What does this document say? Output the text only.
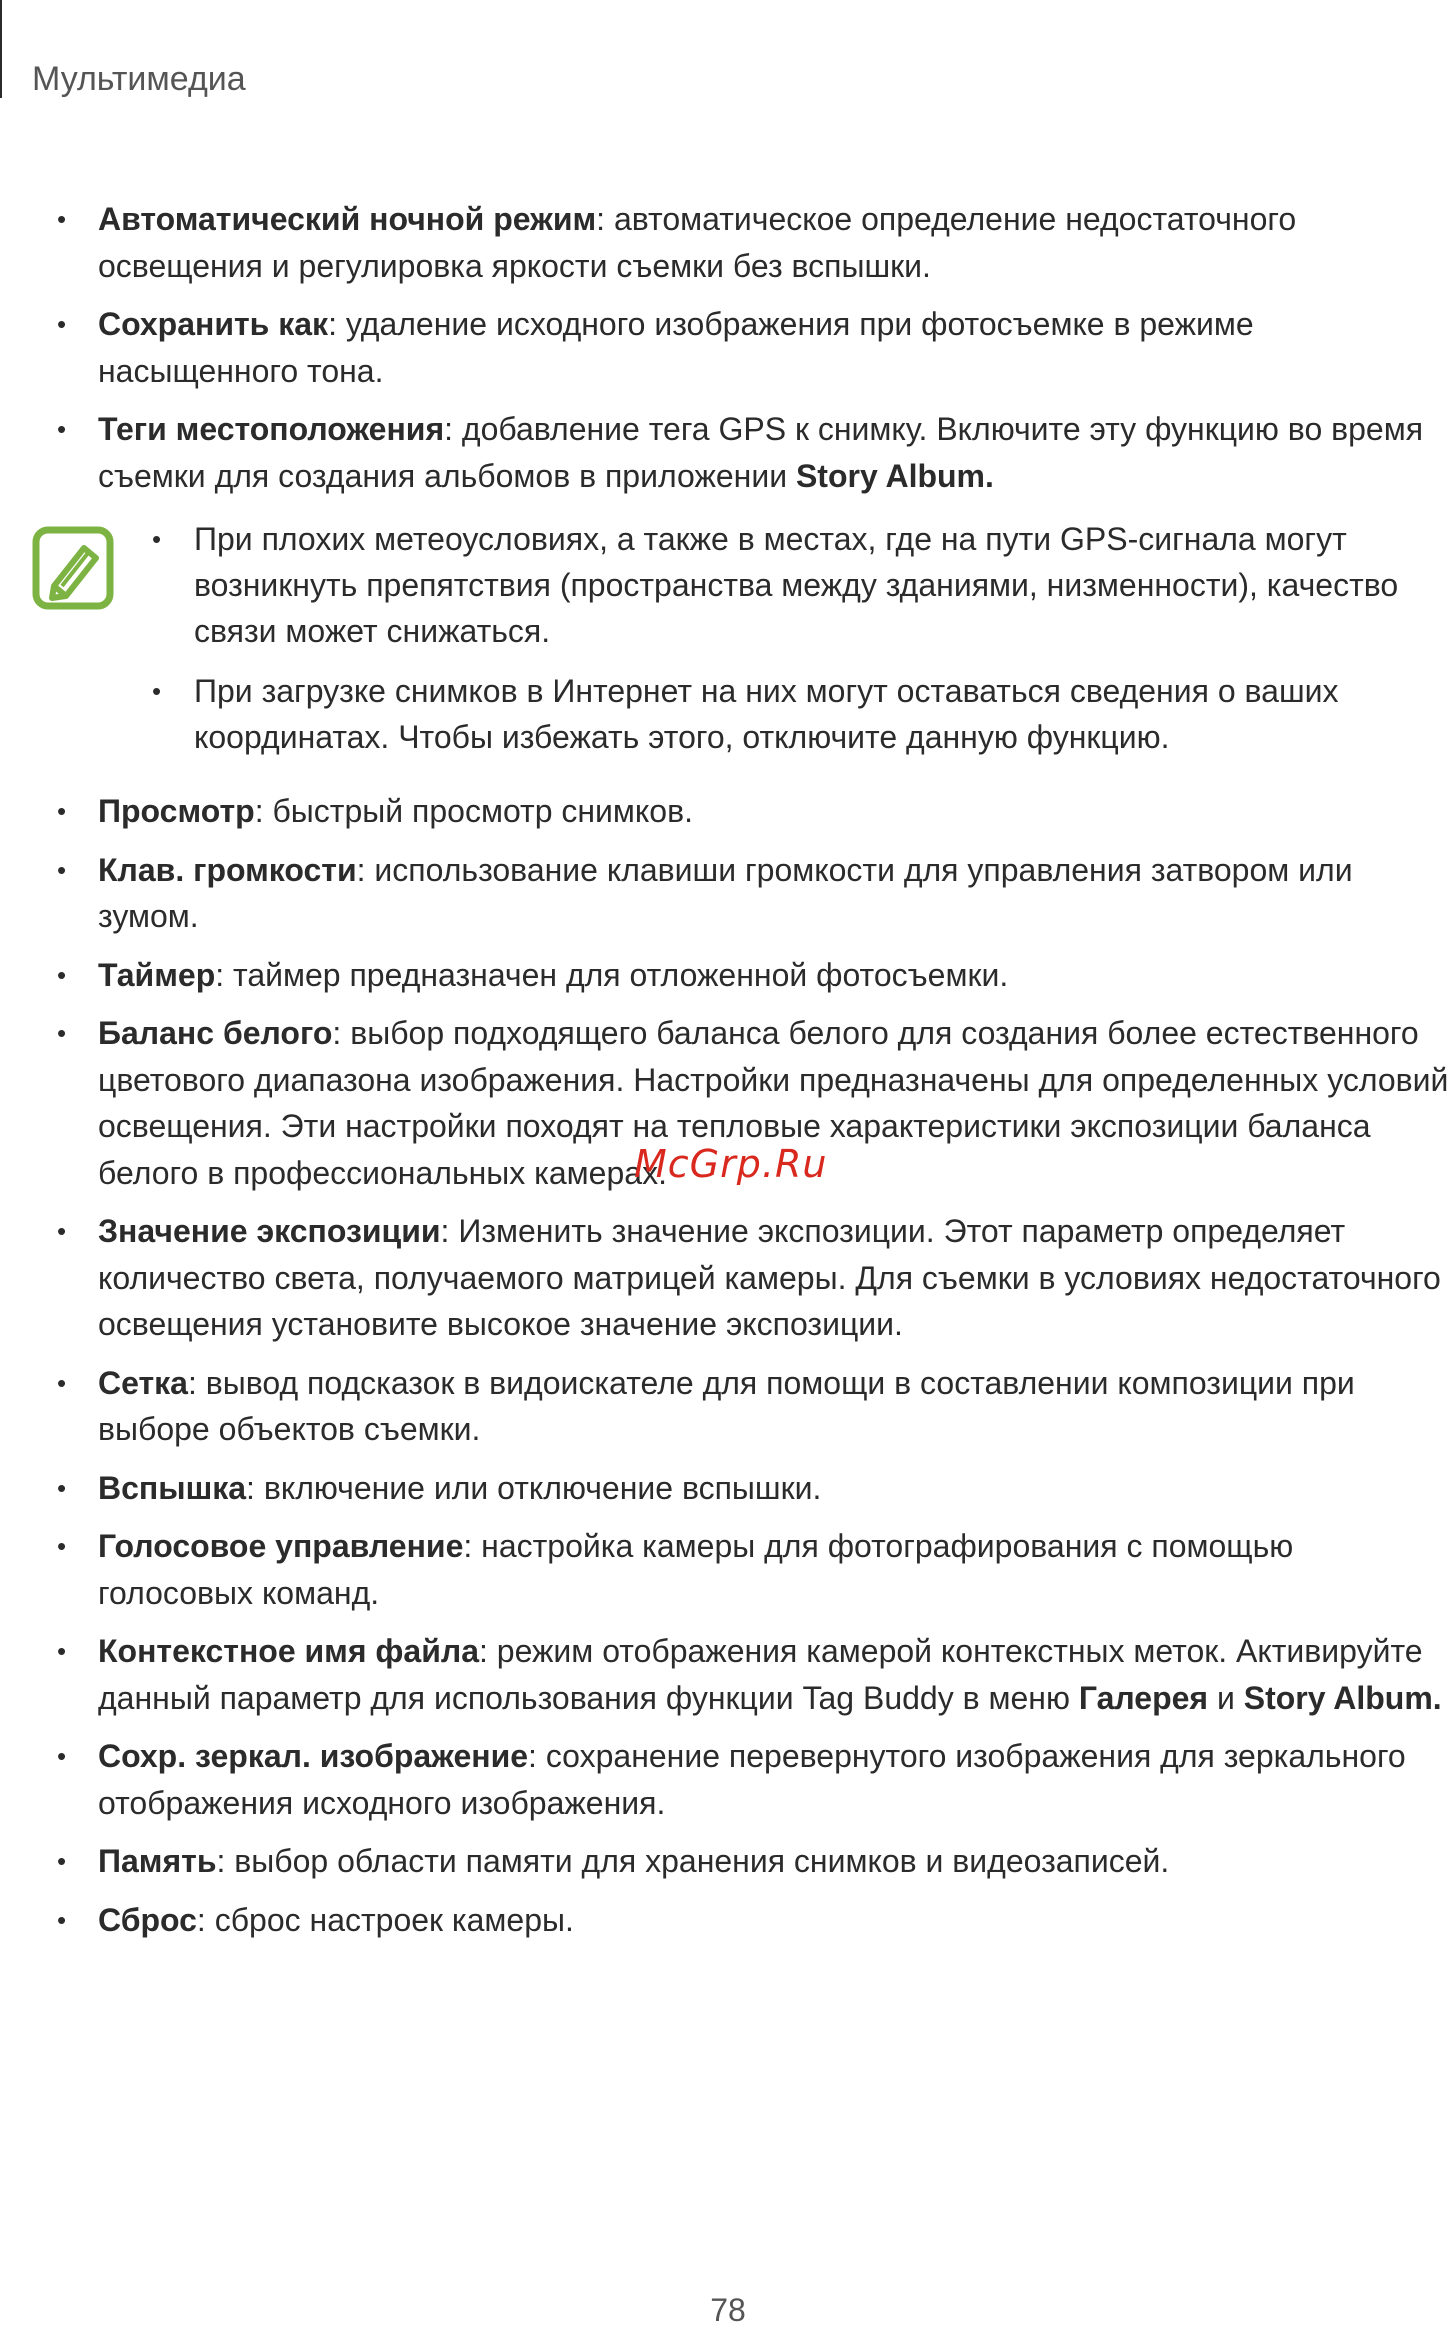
Мультимедиа
• Автоматический ночной режим: автоматическое определение недостаточного освещения и регулировка яркости съемки без вспышки.
• Сохранить как: удаление исходного изображения при фотосъемке в режиме насыщенного тона.
• Теги местоположения: добавление тега GPS к снимку. Включите эту функцию во время съемки для создания альбомов в приложении Story Album.
• При плохих метеоусловиях, а также в местах, где на пути GPS-сигнала могут возникнуть препятствия (пространства между зданиями, низменности), качество связи может снижаться.
• При загрузке снимков в Интернет на них могут оставаться сведения о ваших координатах. Чтобы избежать этого, отключите данную функцию.
• Просмотр: быстрый просмотр снимков.
• Клав. громкости: использование клавиши громкости для управления затвором или зумом.
• Таймер: таймер предназначен для отложенной фотосъемки.
• Баланс белого: выбор подходящего баланса белого для создания более естественного цветового диапазона изображения. Настройки предназначены для определенных условий освещения. Эти настройки походят на тепловые характеристики экспозиции баланса белого в профессиональных камерах.
• Значение экспозиции: Изменить значение экспозиции. Этот параметр определяет количество света, получаемого матрицей камеры. Для съемки в условиях недостаточного освещения установите высокое значение экспозиции.
• Сетка: вывод подсказок в видоискателе для помощи в составлении композиции при выборе объектов съемки.
• Вспышка: включение или отключение вспышки.
• Голосовое управление: настройка камеры для фотографирования с помощью голосовых команд.
• Контекстное имя файла: режим отображения камерой контекстных меток. Активируйте данный параметр для использования функции Tag Buddy в меню Галерея и Story Album.
• Сохр. зеркал. изображение: сохранение перевернутого изображения для зеркального отображения исходного изображения.
• Память: выбор области памяти для хранения снимков и видеозаписей.
• Сброс: сброс настроек камеры.
McGrp.Ru
78
